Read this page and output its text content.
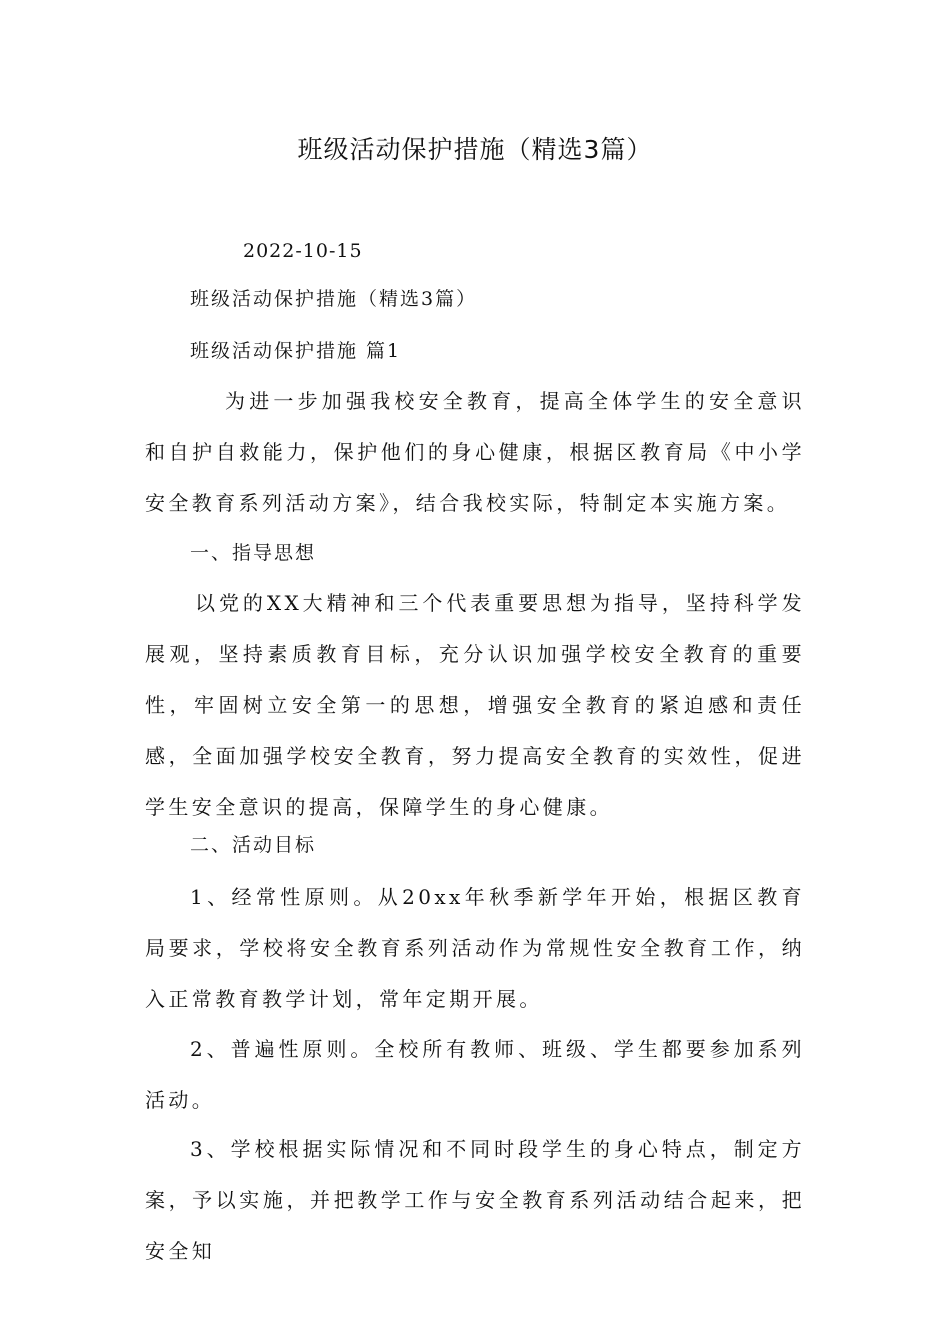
班级活动保护措施（精选3篇）
2022-10-15

班级活动保护措施（精选3篇）

班级活动保护措施 篇1

为进一步加强我校安全教育，提高全体学生的安全意识和自护自救能力，保护他们的身心健康，根据区教育局《中小学安全教育系列活动方案》，结合我校实际，特制定本实施方案。

一、指导思想

以党的XX大精神和三个代表重要思想为指导，坚持科学发展观，坚持素质教育目标，充分认识加强学校安全教育的重要性，牢固树立安全第一的思想，增强安全教育的紧迫感和责任感，全面加强学校安全教育，努力提高安全教育的实效性，促进学生安全意识的提高，保障学生的身心健康。

二、活动目标

1、经常性原则。从20xx年秋季新学年开始，根据区教育局要求，学校将安全教育系列活动作为常规性安全教育工作，纳入正常教育教学计划，常年定期开展。

2、普遍性原则。全校所有教师、班级、学生都要参加系列活动。

3、学校根据实际情况和不同时段学生的身心特点，制定方案，予以实施，并把教学工作与安全教育系列活动结合起来，把安全知
